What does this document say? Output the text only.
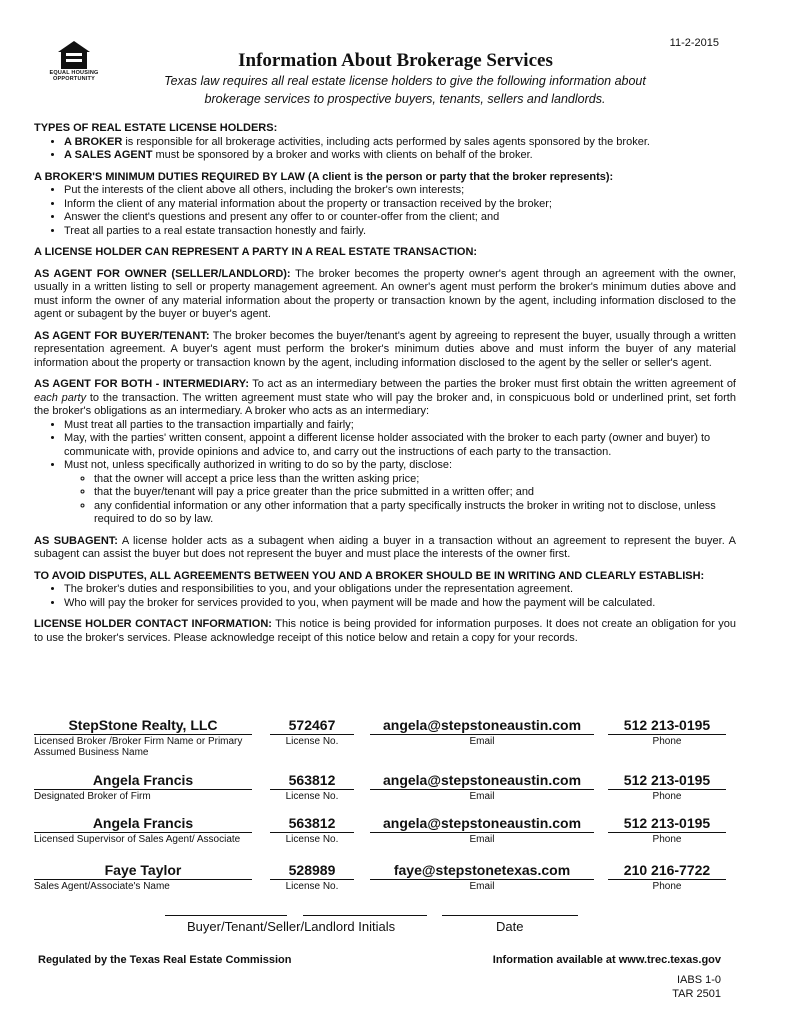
11-2-2015
EQUAL HOUSING OPPORTUNITY
Information About Brokerage Services
Texas law requires all real estate license holders to give the following information about
brokerage services to prospective buyers, tenants, sellers and landlords.
TYPES OF REAL ESTATE LICENSE HOLDERS:
• A BROKER is responsible for all brokerage activities, including acts performed by sales agents sponsored by the broker.
• A SALES AGENT must be sponsored by a broker and works with clients on behalf of the broker.
A BROKER'S MINIMUM DUTIES REQUIRED BY LAW (A client is the person or party that the broker represents):
• Put the interests of the client above all others, including the broker's own interests;
• Inform the client of any material information about the property or transaction received by the broker;
• Answer the client's questions and present any offer to or counter-offer from the client; and
• Treat all parties to a real estate transaction honestly and fairly.
A LICENSE HOLDER CAN REPRESENT A PARTY IN A REAL ESTATE TRANSACTION:

AS AGENT FOR OWNER (SELLER/LANDLORD): The broker becomes the property owner's agent through an agreement with the owner, usually in a written listing to sell or property management agreement. An owner's agent must perform the broker's minimum duties above and must inform the owner of any material information about the property or transaction known by the agent, including information disclosed to the agent or subagent by the buyer or buyer's agent.

AS AGENT FOR BUYER/TENANT: The broker becomes the buyer/tenant's agent by agreeing to represent the buyer, usually through a written representation agreement. A buyer's agent must perform the broker's minimum duties above and must inform the buyer of any material information about the property or transaction known by the agent, including information disclosed to the agent by the seller or seller's agent.

AS AGENT FOR BOTH - INTERMEDIARY: To act as an intermediary between the parties the broker must first obtain the written agreement of each party to the transaction. The written agreement must state who will pay the broker and, in conspicuous bold or underlined print, set forth the broker's obligations as an intermediary. A broker who acts as an intermediary:

• Must treat all parties to the transaction impartially and fairly;
• May, with the parties' written consent, appoint a different license holder associated with the broker to each party (owner and buyer) to communicate with, provide opinions and advice to, and carry out the instructions of each party to the transaction.
• Must not, unless specifically authorized in writing to do so by the party, disclose:
◦ that the owner will accept a price less than the written asking price;
◦ that the buyer/tenant will pay a price greater than the price submitted in a written offer; and
◦ any confidential information or any other information that a party specifically instructs the broker in writing not to disclose, unless required to do so by law.

AS SUBAGENT: A license holder acts as a subagent when aiding a buyer in a transaction without an agreement to represent the buyer. A subagent can assist the buyer but does not represent the buyer and must place the interests of the owner first.

TO AVOID DISPUTES, ALL AGREEMENTS BETWEEN YOU AND A BROKER SHOULD BE IN WRITING AND CLEARLY ESTABLISH:
• The broker's duties and responsibilities to you, and your obligations under the representation agreement.
• Who will pay the broker for services provided to you, when payment will be made and how the payment will be calculated.

LICENSE HOLDER CONTACT INFORMATION: This notice is being provided for information purposes. It does not create an obligation for you to use the broker's services. Please acknowledge receipt of this notice below and retain a copy for your records.

StepStone Realty, LLC
Licensed Broker /Broker Firm Name or Primary Assumed Business Name
572467
License No.
angela@stepstoneaustin.com
Email
512 213-0195
Phone
Angela Francis
Designated Broker of Firm
563812
License No.
angela@stepstoneaustin.com
Email
512 213-0195
Phone
Angela Francis
Licensed Supervisor of Sales Agent/ Associate
563812
License No.
angela@stepstoneaustin.com
Email
512 213-0195
Phone
Faye Taylor
Sales Agent/Associate's Name
528989
License No.
faye@stepstonetexas.com
Email
210 216-7722
Phone
Buyer/Tenant/Seller/Landlord Initials	Date
Regulated by the Texas Real Estate Commission	Information available at www.trec.texas.gov
IABS 1-0
TAR 2501
